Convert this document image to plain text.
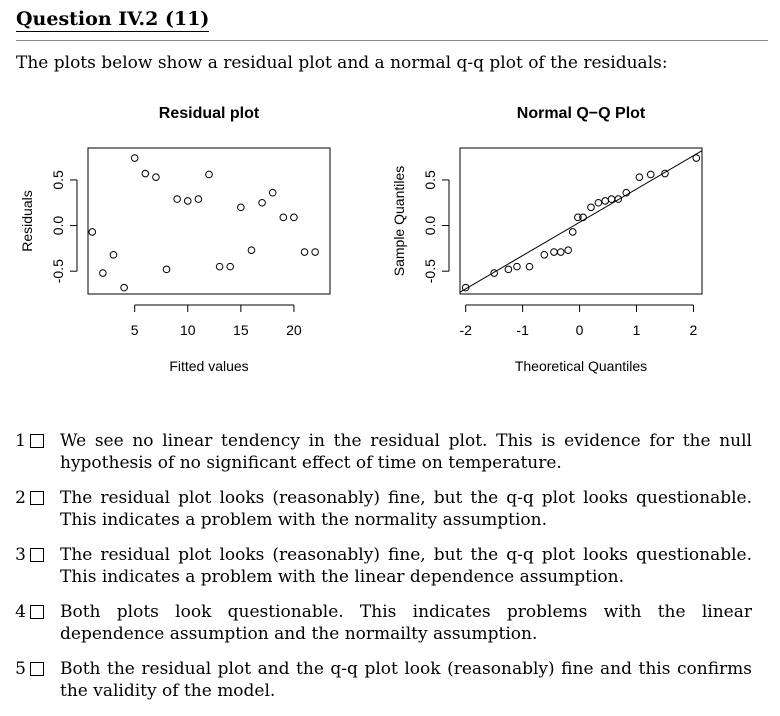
Question IV.2 (11)
The plots below show a residual plot and a normal q-q plot of the residuals:
Residual plot
5	10	15	20
Fitted values
-0.5
0.0
0.5
Residuals
Normal Q−Q Plot
-2	-1	0	1	2
Theoretical Quantiles
-0.5
0.0
0.5
Sample Quantiles
1 We see no linear tendency in the residual plot. This is evidence for the null hypothesis of no significant effect of time on temperature.
2 The residual plot looks (reasonably) fine, but the q-q plot looks questionable. This indicates a problem with the normality assumption.
3 The residual plot looks (reasonably) fine, but the q-q plot looks questionable. This indicates a problem with the linear dependence assumption.
4 Both plots look questionable. This indicates problems with the linear dependence assumption and the normailty assumption.
5 Both the residual plot and the q-q plot look (reasonably) fine and this confirms the validity of the model.
